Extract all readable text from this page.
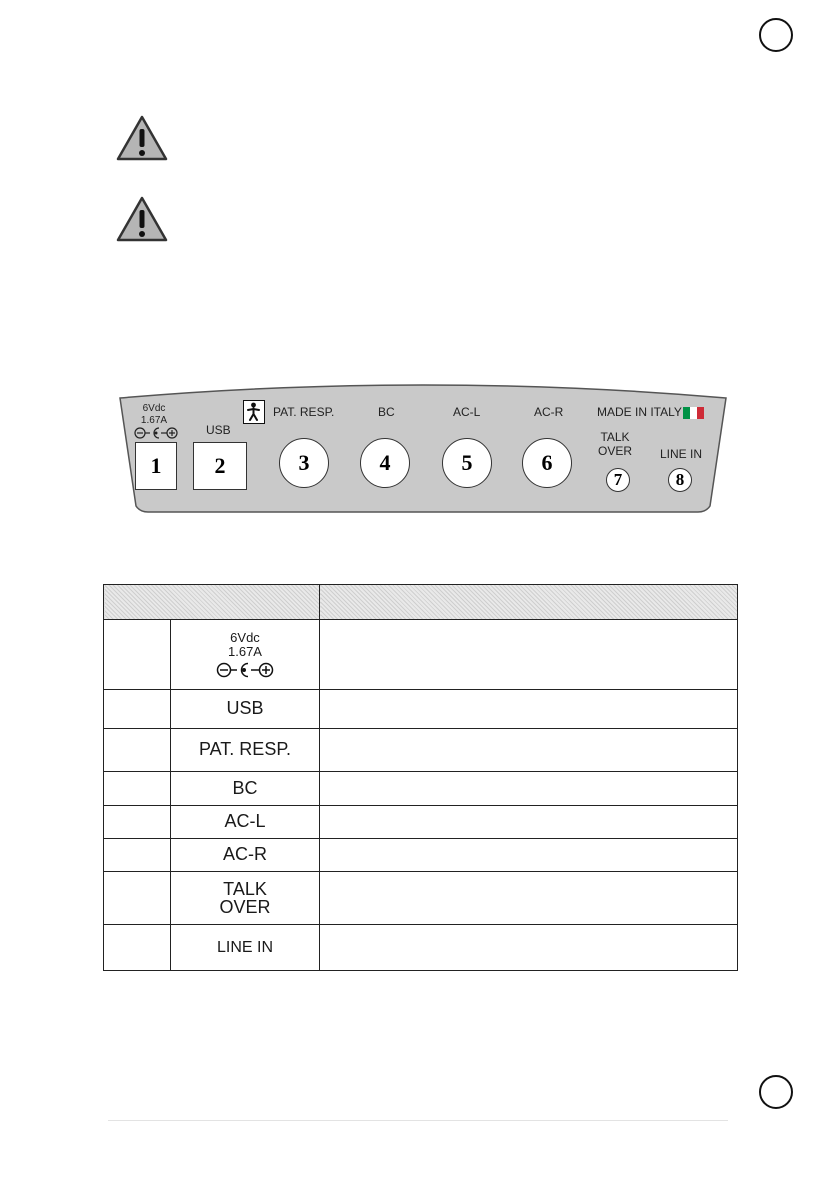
6Vdc
1.67A
1
USB
2
PAT. RESP.
3
BC
4
AC-L
5
AC-R
6
MADE IN ITALY
TALK
OVER
7
LINE IN
8

	6Vdc
1.67A	

	USB	
	PAT. RESP.	
	BC	
	AC-L	
	AC-R	

	TALK
OVER	

	LINE IN	
